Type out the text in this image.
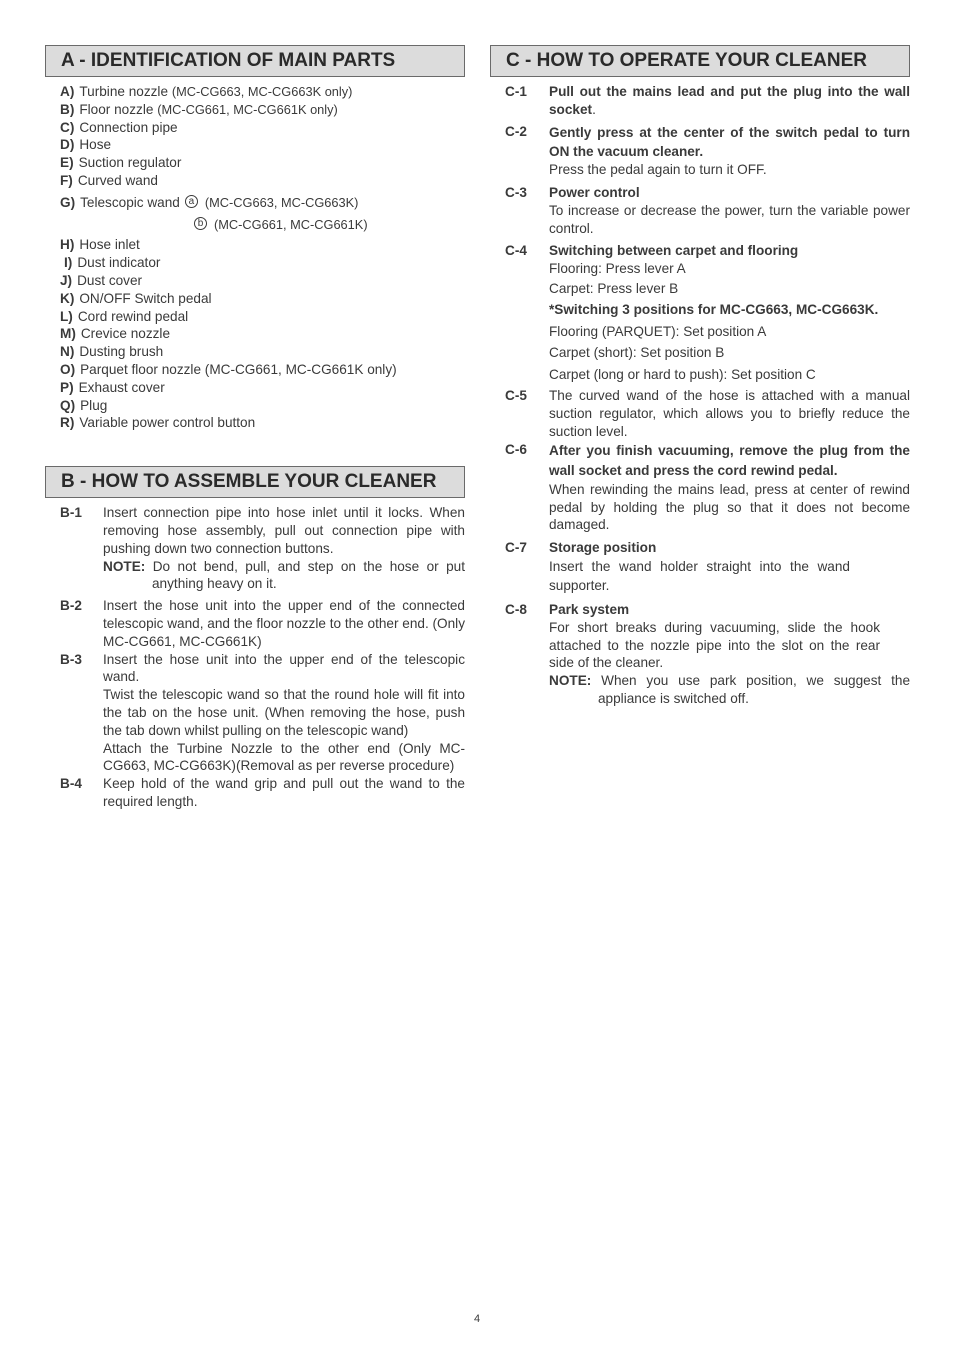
A - IDENTIFICATION OF MAIN PARTS
A) Turbine nozzle
(MC-CG663, MC-CG663K only)
B) Floor nozzle
(MC-CG661, MC-CG661K only)
C) Connection pipe
D) Hose
E) Suction regulator
F) Curved wand
G) Telescopic wand a (MC-CG663, MC-CG663K)
b (MC-CG661, MC-CG661K)
H) Hose inlet
I) Dust indicator
J) Dust cover
K) ON/OFF Switch pedal
L) Cord rewind pedal
M) Crevice nozzle
N) Dusting brush
O) Parquet floor nozzle (MC-CG661, MC-CG661K only)
P) Exhaust cover
Q) Plug
R) Variable power control button
B - HOW TO ASSEMBLE YOUR CLEANER
B-1	Insert connection pipe into hose inlet until it locks. When removing hose assembly, pull out connection pipe with pushing down two connection buttons.
NOTE: Do not bend, pull, and step on the hose or put anything heavy on it.
B-2	Insert the hose unit into the upper end of the connected telescopic wand, and the floor nozzle to the other end. (Only MC-CG661, MC-CG661K)
B-3	Insert the hose unit into the upper end of the telescopic wand.
Twist the telescopic wand so that the round hole will fit into the tab on the hose unit. (When removing the hose, push the tab down whilst pulling on the telescopic wand)
Attach the Turbine Nozzle to the other end (Only MC-CG663, MC-CG663K)(Removal as per reverse procedure)
B-4	Keep hold of the wand grip and pull out the wand to the required length.
C - HOW TO OPERATE YOUR CLEANER
C-1	Pull out the mains lead and put the plug into the wall socket.
C-2	Gently press at the center of the switch pedal to turn ON the vacuum cleaner.
Press the pedal again to turn it OFF.
C-3	Power control
To increase or decrease the power, turn the variable power control.
C-4	Switching between carpet and flooring
Flooring: Press lever A
Carpet: Press lever B
*Switching 3 positions for MC-CG663, MC-CG663K.
Flooring (PARQUET): Set position A
Carpet (short): Set position B
Carpet (long or hard to push): Set position C
C-5	The curved wand of the hose is attached with a manual suction regulator, which allows you to briefly reduce the suction level.
C-6	After you finish vacuuming, remove the plug from the wall socket and press the cord rewind pedal.
When rewinding the mains lead, press at center of rewind pedal by holding the plug so that it does not become damaged.
C-7	Storage position
Insert the wand holder straight into the wand supporter.
C-8	Park system
For short breaks during vacuuming, slide the hook attached to the nozzle pipe into the slot on the rear side of the cleaner.
NOTE: When you use park position, we suggest the appliance is switched off.
4
